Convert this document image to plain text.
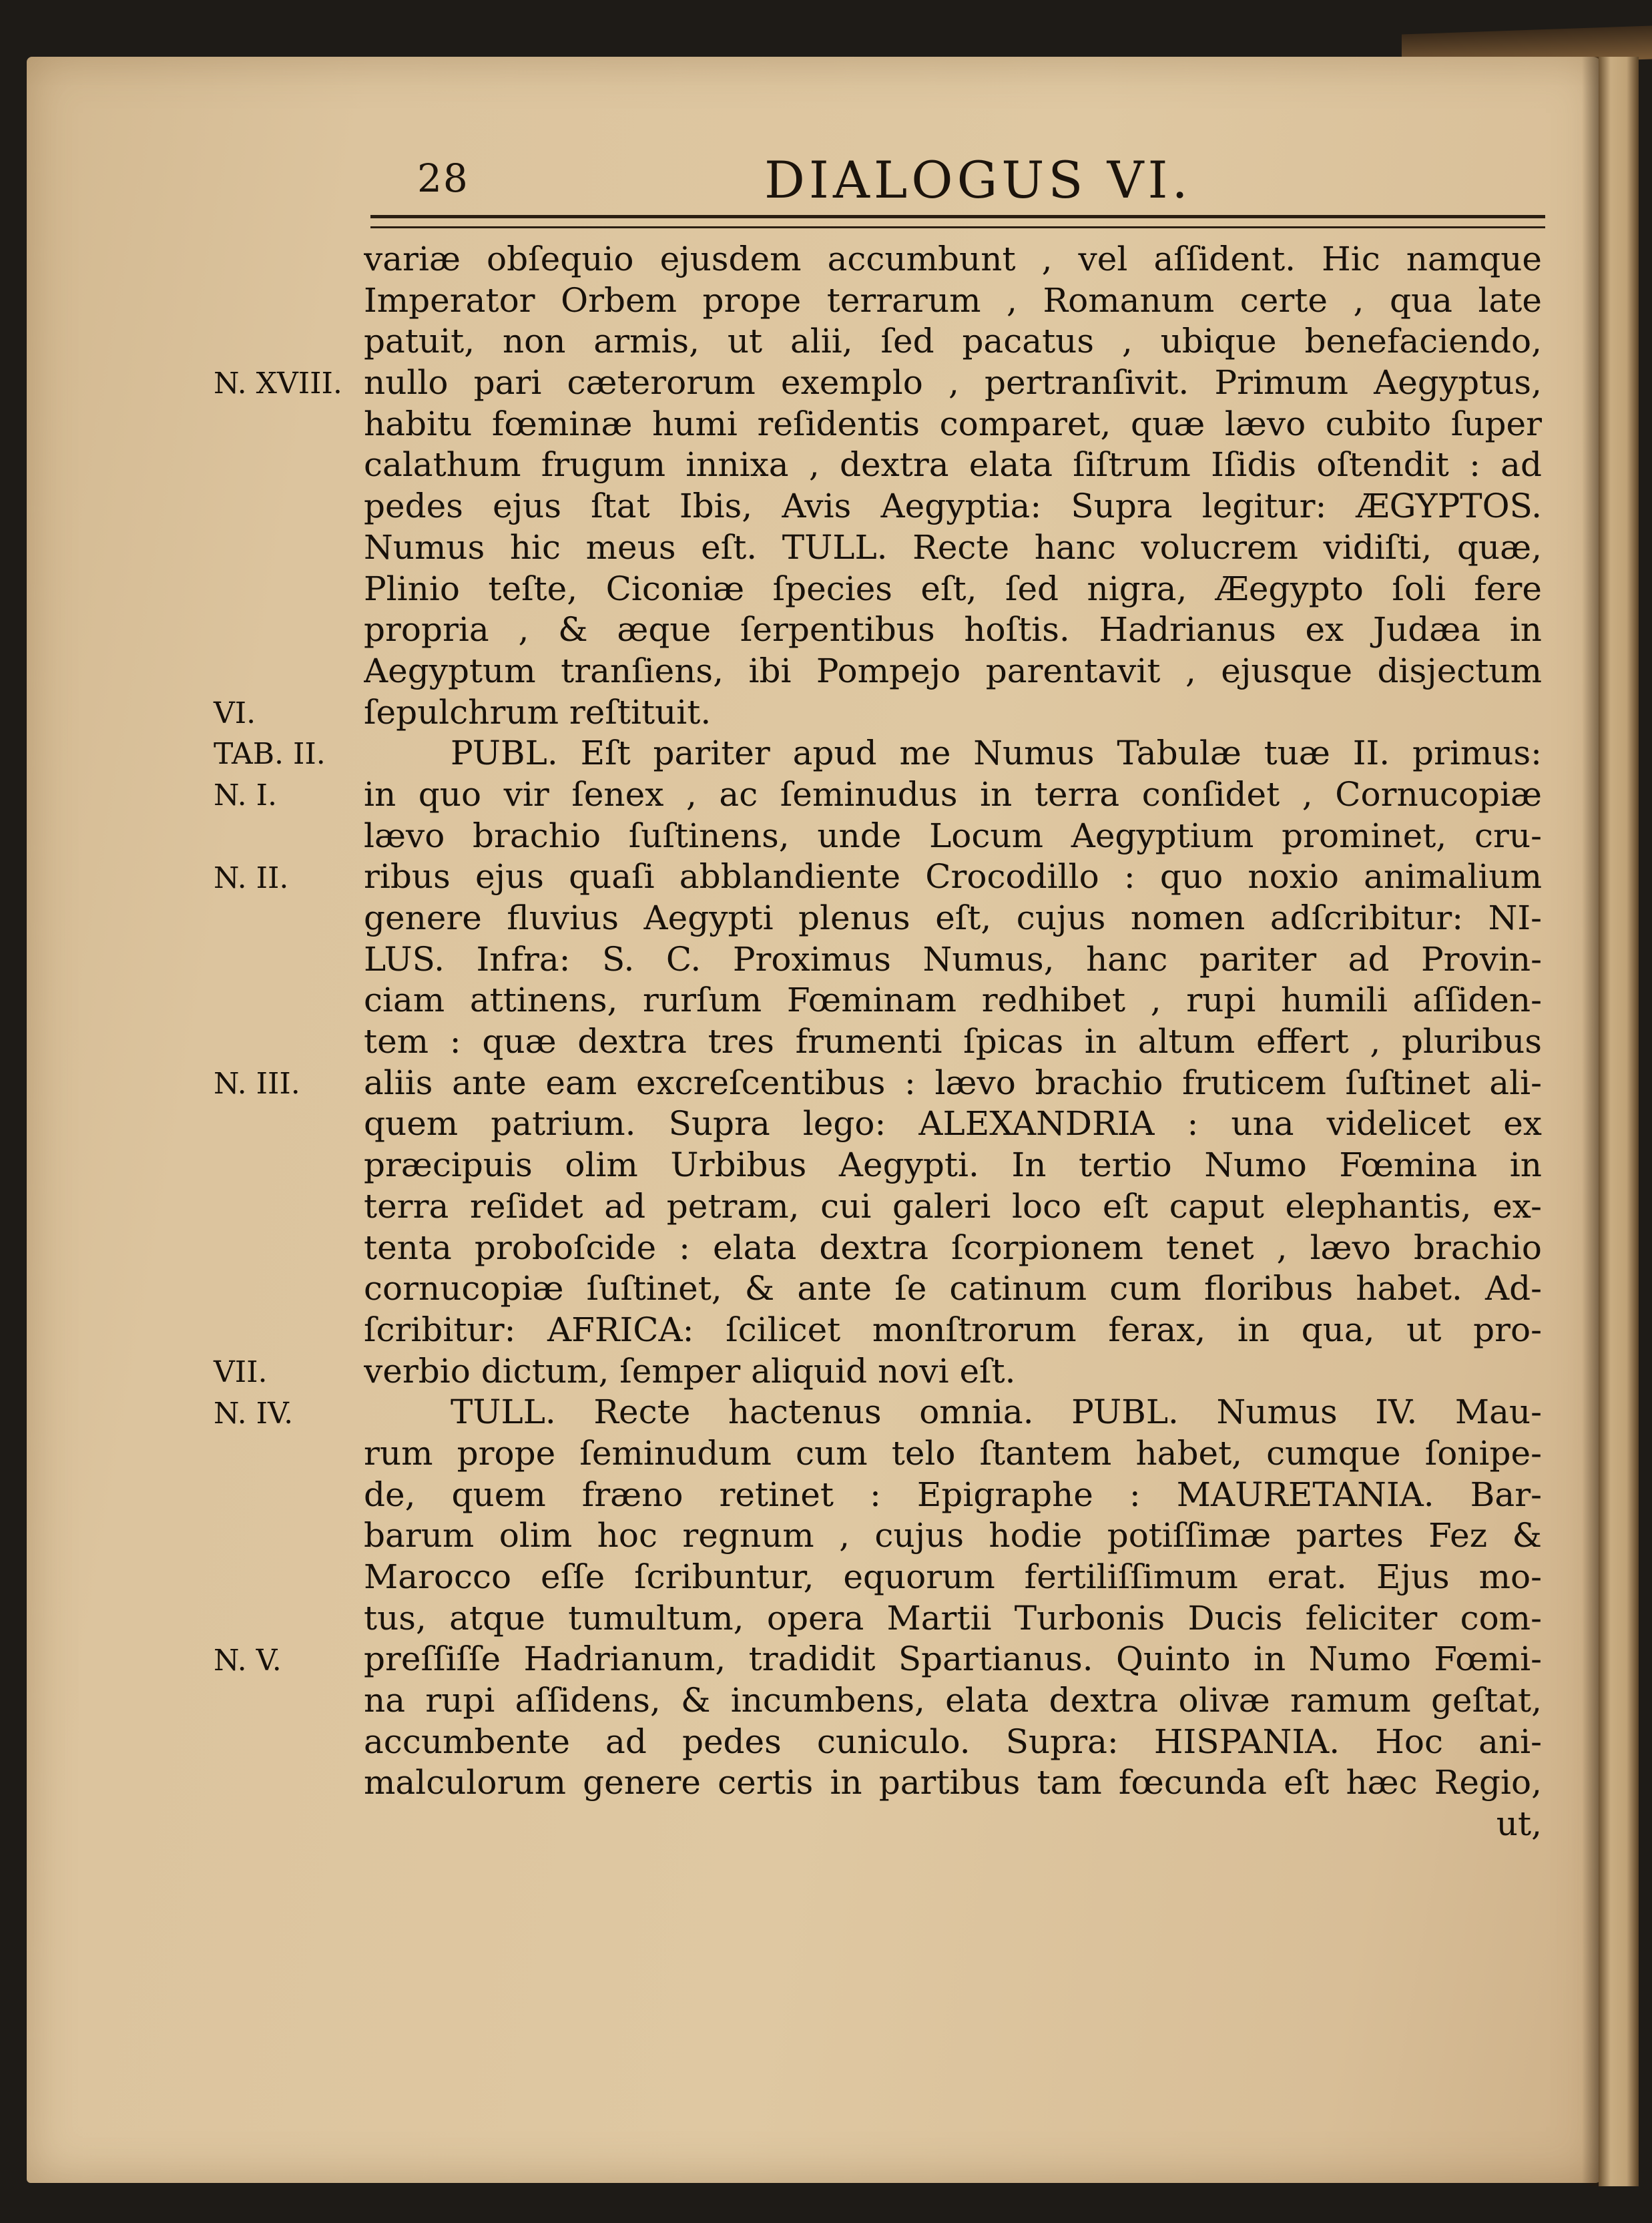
28	DIALOGUS VI.
N. XVIII.
VI.
TAB. II.
N. I.
N. II.
N. III.
VII.
N. IV.
N. V.
variæ obſequio ejusdem accumbunt , vel aſſident. Hic namque
Imperator Orbem prope terrarum , Romanum certe , qua late
patuit, non armis, ut alii, ſed pacatus , ubique benefaciendo,
nullo pari cæterorum exemplo , pertranſivit. Primum Aegyptus,
habitu fœminæ humi reſidentis comparet, quæ lævo cubito ſuper
calathum frugum innixa , dextra elata ſiſtrum Iſidis oſtendit : ad
pedes ejus ſtat Ibis, Avis Aegyptia: Supra legitur: ÆGYPTOS.
Numus hic meus eſt. TULL. Recte hanc volucrem vidiſti, quæ,
Plinio teſte, Ciconiæ ſpecies eſt, ſed nigra, Æegypto ſoli fere
propria , & æque ſerpentibus hoſtis. Hadrianus ex Judæa in
Aegyptum tranſiens, ibi Pompejo parentavit , ejusque disjectum
ſepulchrum reſtituit.
PUBL. Eſt pariter apud me Numus Tabulæ tuæ II. primus:
in quo vir ſenex , ac ſeminudus in terra conſidet , Cornucopiæ
lævo brachio ſuſtinens, unde Locum Aegyptium prominet, cru-
ribus ejus quaſi abblandiente Crocodillo : quo noxio animalium
genere fluvius Aegypti plenus eſt, cujus nomen adſcribitur: NI-
LUS. Infra: S. C. Proximus Numus, hanc pariter ad Provin-
ciam attinens, rurſum Fœminam redhibet , rupi humili aſſiden-
tem : quæ dextra tres frumenti ſpicas in altum effert , pluribus
aliis ante eam excreſcentibus : lævo brachio fruticem ſuſtinet ali-
quem patrium. Supra lego: ALEXANDRIA : una videlicet ex
præcipuis olim Urbibus Aegypti. In tertio Numo Fœmina in
terra reſidet ad petram, cui galeri loco eſt caput elephantis, ex-
tenta proboſcide : elata dextra ſcorpionem tenet , lævo brachio
cornucopiæ ſuſtinet, & ante ſe catinum cum floribus habet. Ad-
ſcribitur: AFRICA: ſcilicet monſtrorum ferax, in qua, ut pro-
verbio dictum, ſemper aliquid novi eſt.
TULL. Recte hactenus omnia. PUBL. Numus IV. Mau-
rum prope ſeminudum cum telo ſtantem habet, cumque ſonipe-
de, quem fræno retinet : Epigraphe : MAURETANIA. Bar-
barum olim hoc regnum , cujus hodie potiſſimæ partes Fez &
Marocco eſſe ſcribuntur, equorum fertiliſſimum erat. Ejus mo-
tus, atque tumultum, opera Martii Turbonis Ducis feliciter com-
preſſiſſe Hadrianum, tradidit Spartianus. Quinto in Numo Fœmi-
na rupi aſſidens, & incumbens, elata dextra olivæ ramum geſtat,
accumbente ad pedes cuniculo. Supra: HISPANIA. Hoc ani-
malculorum genere certis in partibus tam fœcunda eſt hæc Regio,
ut,
